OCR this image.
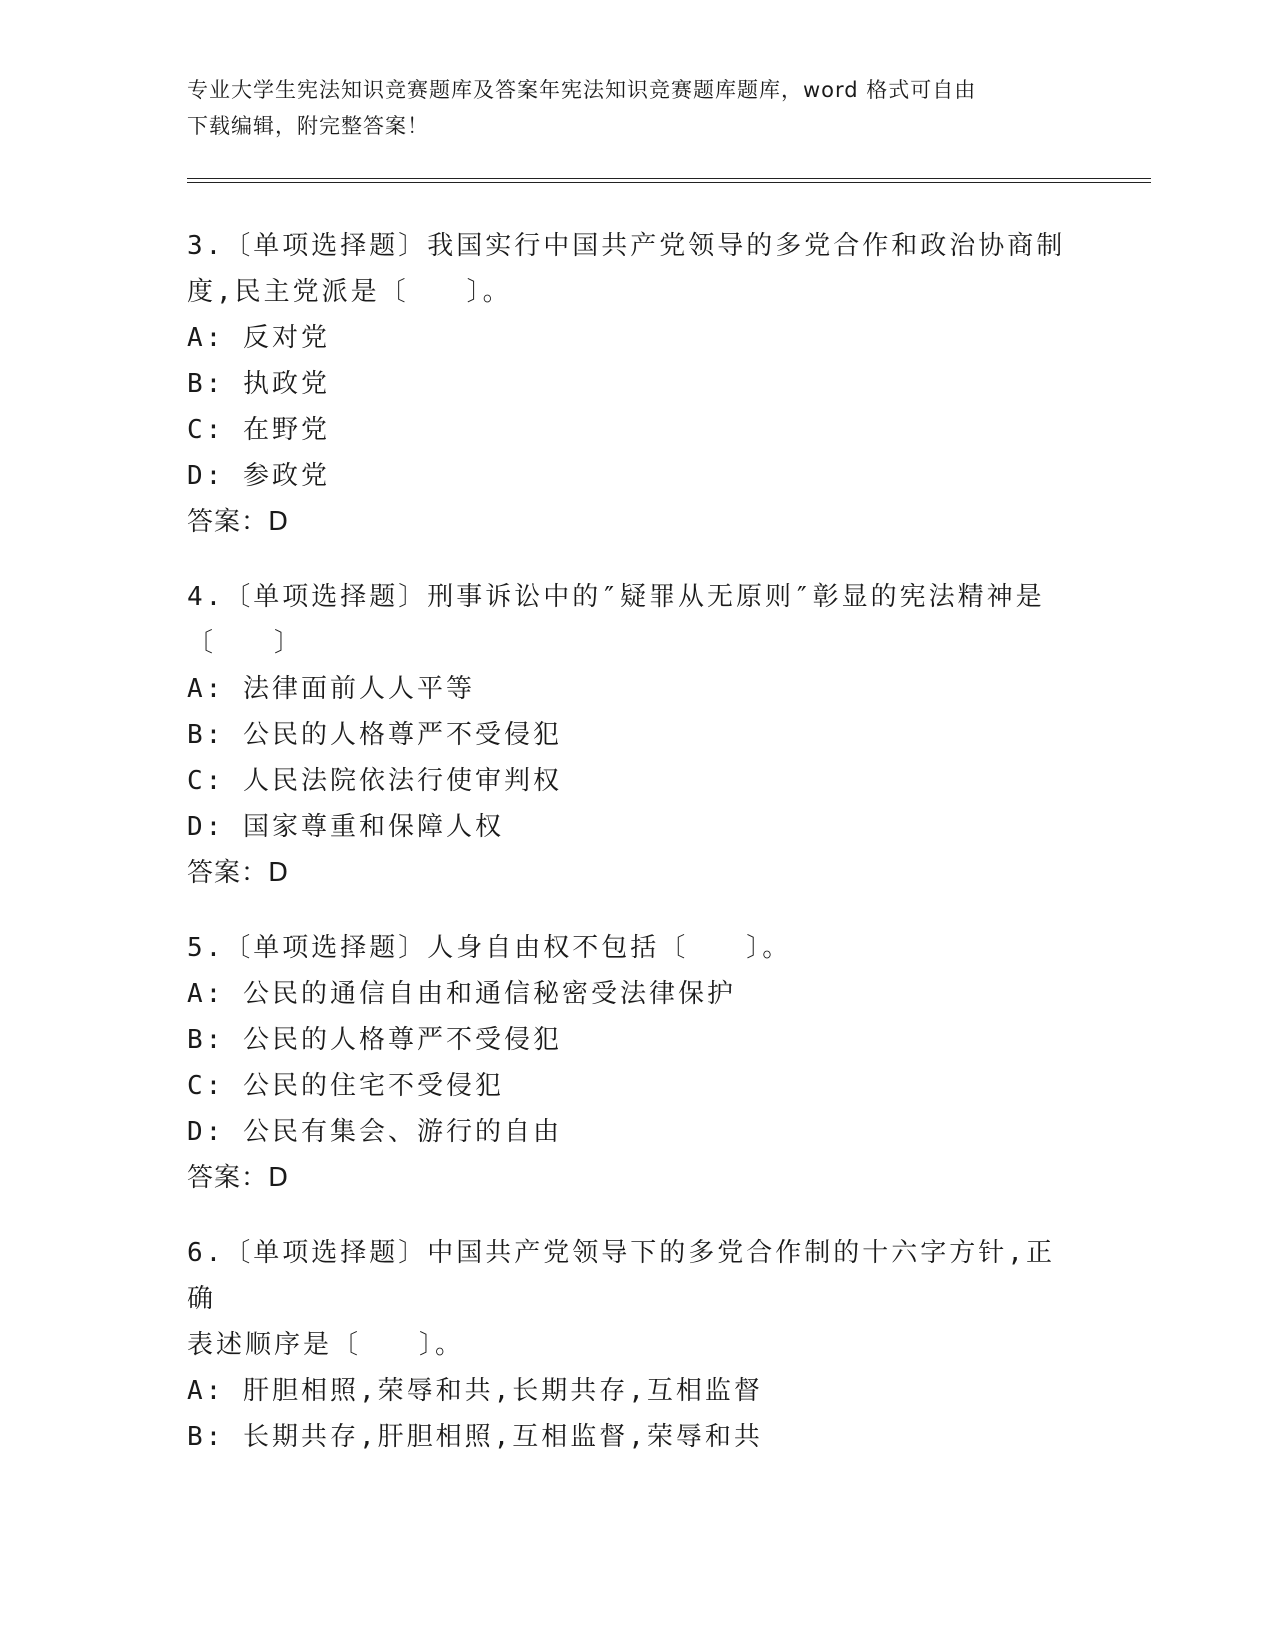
专业大学生宪法知识竞赛题库及答案年宪法知识竞赛题库题库，word 格式可自由
下载编辑，附完整答案！
3.〔单项选择题〕我国实行中国共产党领导的多党合作和政治协商制
度,民主党派是〔　　〕。
A: 反对党
B: 执政党
C: 在野党
D: 参政党
答案：D
4.〔单项选择题〕刑事诉讼中的″疑罪从无原则″彰显的宪法精神是
〔　　〕
A: 法律面前人人平等
B: 公民的人格尊严不受侵犯
C: 人民法院依法行使审判权
D: 国家尊重和保障人权
答案：D
5.〔单项选择题〕人身自由权不包括〔　　〕。
A: 公民的通信自由和通信秘密受法律保护
B: 公民的人格尊严不受侵犯
C: 公民的住宅不受侵犯
D: 公民有集会、游行的自由
答案：D
6.〔单项选择题〕中国共产党领导下的多党合作制的十六字方针,正确
表述顺序是〔　　〕。
A: 肝胆相照,荣辱和共,长期共存,互相监督
B: 长期共存,肝胆相照,互相监督,荣辱和共
